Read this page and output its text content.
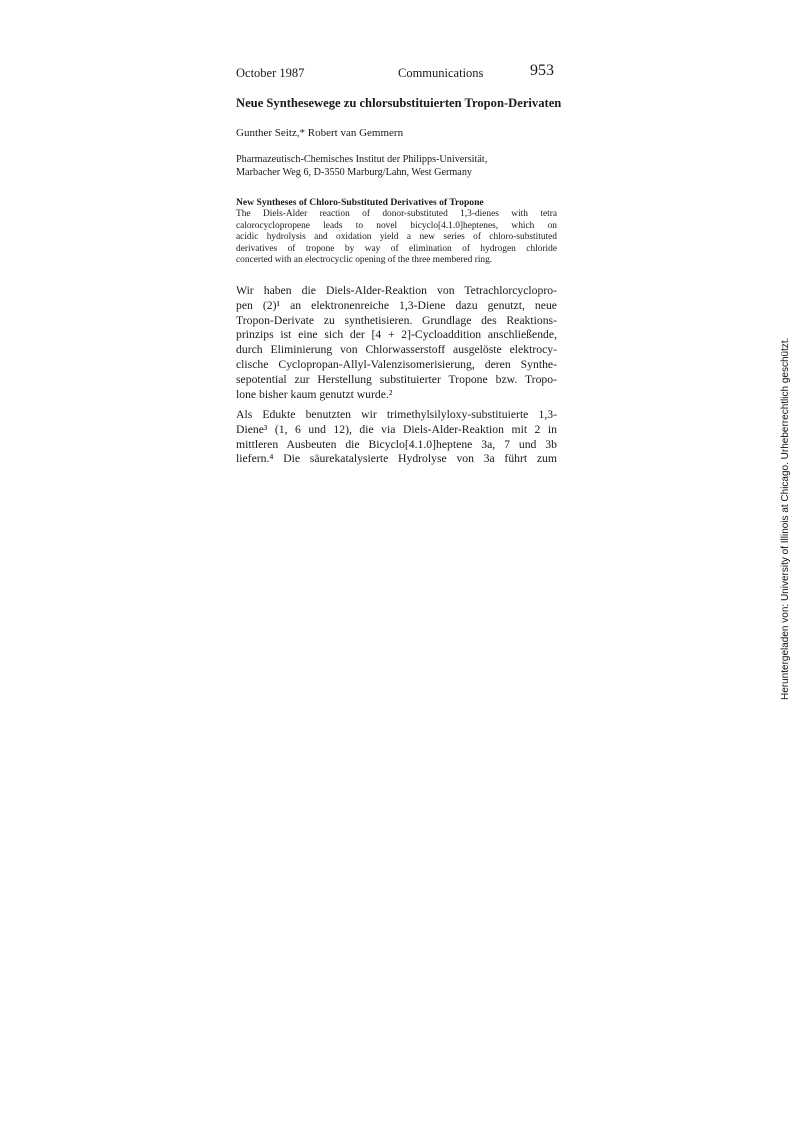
October 1987	Communications	953
Neue Synthesewege zu chlorsubstituierten Tropon-Derivaten
Gunther Seitz,* Robert van Gemmern
Pharmazeutisch-Chemisches Institut der Philipps-Universität,
Marbacher Weg 6, D-3550 Marburg/Lahn, West Germany
New Syntheses of Chloro-Substituted Derivatives of Tropone
The Diels-Alder reaction of donor-substituted 1,3-dienes with tetra
calorocyclopropene leads to novel bicyclo[4.1.0]heptenes, which on
acidic hydrolysis and oxidation yield a new series of chloro-substituted
derivatives of tropone by way of elimination of hydrogen chloride
concerted with an electrocyclic opening of the three membered ring.
Wir haben die Diels-Alder-Reaktion von Tetrachlorcyclopro-
pen (2)¹ an elektronenreiche 1,3-Diene dazu genutzt, neue
Tropon-Derivate zu synthetisieren. Grundlage des Reaktions-
prinzips ist eine sich der [4 + 2]-Cycloaddition anschließende,
durch Eliminierung von Chlorwasserstoff ausgelöste elektrocy-
clische Cyclopropan-Allyl-Valenzisomerisierung, deren Synthe-
sepotential zur Herstellung substituierter Tropone bzw. Tropo-
lone bisher kaum genutzt wurde.²
Als Edukte benutzten wir trimethylsilyloxy-substituierte 1,3-
Diene³ (1, 6 und 12), die via Diels-Alder-Reaktion mit 2 in
mittleren Ausbeuten die Bicyclo[4.1.0]heptene 3a, 7 und 3b
liefern.⁴ Die säurekatalysierte Hydrolyse von 3a führt zum	Heruntergeladen von: University of Illinois at Chicago. Urheberrechtlich geschützt.
